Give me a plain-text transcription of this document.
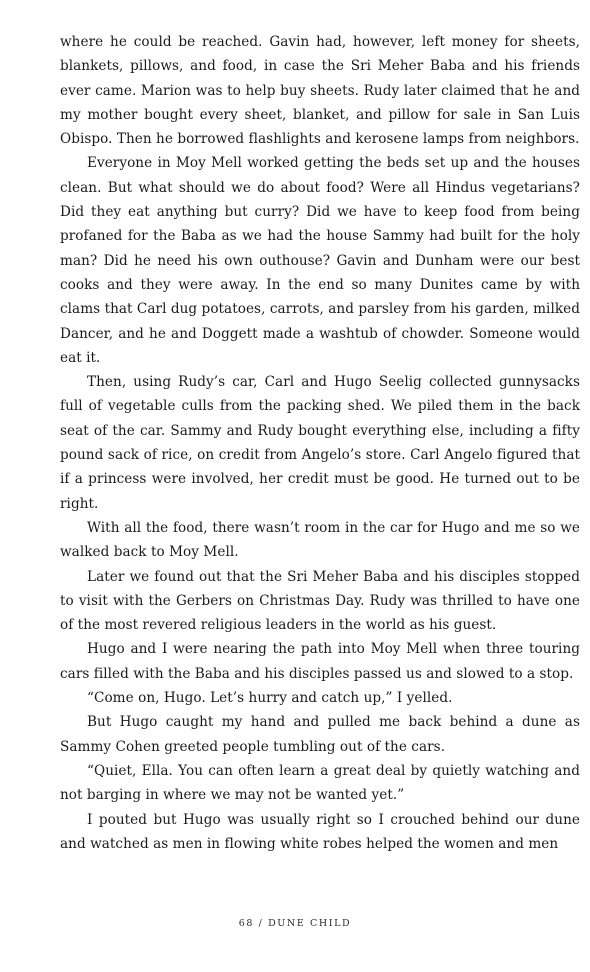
where he could be reached. Gavin had, however, left money for sheets, blankets, pillows, and food, in case the Sri Meher Baba and his friends ever came. Marion was to help buy sheets. Rudy later claimed that he and my mother bought every sheet, blanket, and pillow for sale in San Luis Obispo. Then he borrowed flashlights and kerosene lamps from neighbors.

Everyone in Moy Mell worked getting the beds set up and the houses clean. But what should we do about food? Were all Hindus vegetarians? Did they eat anything but curry? Did we have to keep food from being profaned for the Baba as we had the house Sammy had built for the holy man? Did he need his own outhouse? Gavin and Dunham were our best cooks and they were away. In the end so many Dunites came by with clams that Carl dug potatoes, carrots, and parsley from his garden, milked Dancer, and he and Doggett made a washtub of chowder. Someone would eat it.

Then, using Rudy’s car, Carl and Hugo Seelig collected gunnysacks full of vegetable culls from the packing shed. We piled them in the back seat of the car. Sammy and Rudy bought everything else, including a fifty pound sack of rice, on credit from Angelo’s store. Carl Angelo figured that if a princess were involved, her credit must be good. He turned out to be right.

With all the food, there wasn’t room in the car for Hugo and me so we walked back to Moy Mell.

Later we found out that the Sri Meher Baba and his disciples stopped to visit with the Gerbers on Christmas Day. Rudy was thrilled to have one of the most revered religious leaders in the world as his guest.

Hugo and I were nearing the path into Moy Mell when three touring cars filled with the Baba and his disciples passed us and slowed to a stop.

“Come on, Hugo. Let’s hurry and catch up,” I yelled.

But Hugo caught my hand and pulled me back behind a dune as Sammy Cohen greeted people tumbling out of the cars.

“Quiet, Ella. You can often learn a great deal by quietly watching and not barging in where we may not be wanted yet.”

I pouted but Hugo was usually right so I crouched behind our dune and watched as men in flowing white robes helped the women and men

68 / DUNE CHILD
